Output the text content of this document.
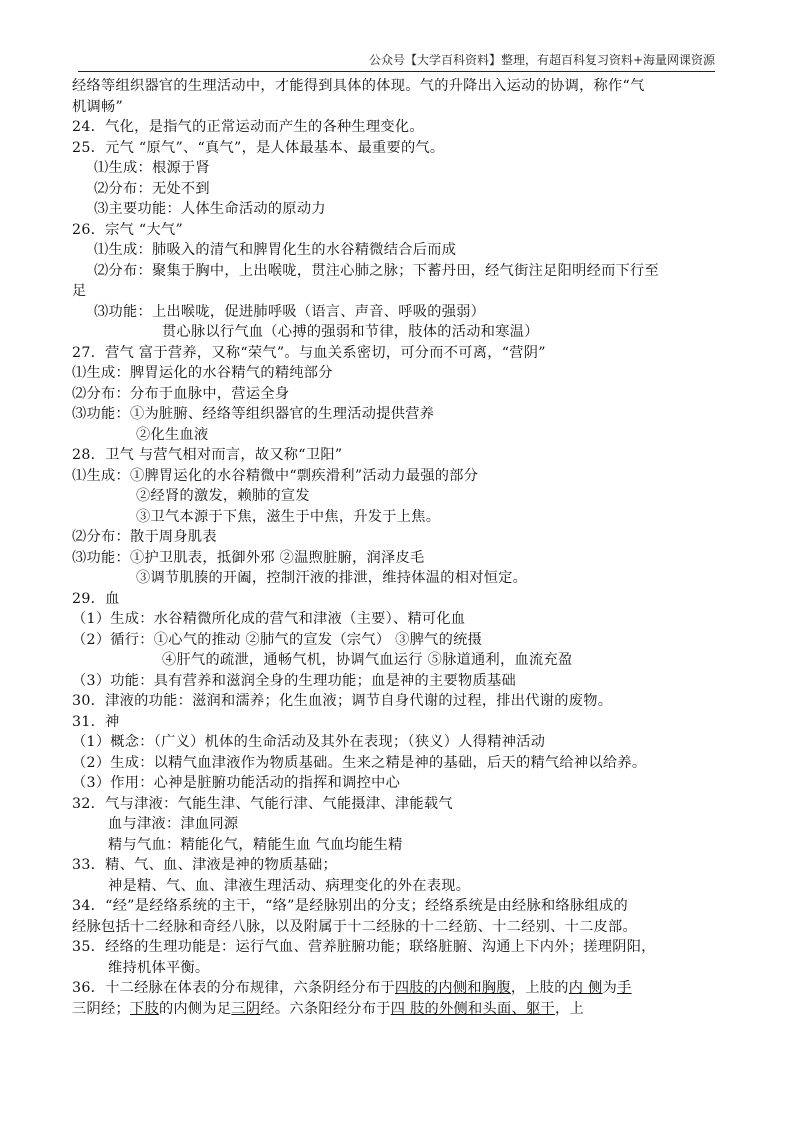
公众号【大学百科资料】整理，有超百科复习资料+海量网课资源
经络等组织器官的生理活动中，才能得到具体的体现。气的升降出入运动的协调，称作“气
机调畅”
24．气化，是指气的正常运动而产生的各种生理变化。
25．元气 “原气”、“真气”，是人体最基本、最重要的气。
⑴生成：根源于肾
⑵分布：无处不到
⑶主要功能：人体生命活动的原动力
26．宗气 “大气”
⑴生成：肺吸入的清气和脾胃化生的水谷精微结合后而成
⑵分布：聚集于胸中，上出喉咙，贯注心肺之脉；下蓄丹田，经气街注足阳明经而下行至
足
⑶功能：上出喉咙，促进肺呼吸（语言、声音、呼吸的强弱）
贯心脉以行气血（心搏的强弱和节律，肢体的活动和寒温）
27．营气 富于营养，又称“荣气”。与血关系密切，可分而不可离，“营阴”
⑴生成：脾胃运化的水谷精气的精纯部分
⑵分布：分布于血脉中，营运全身
⑶功能：①为脏腑、经络等组织器官的生理活动提供营养
②化生血液
28．卫气 与营气相对而言，故又称“卫阳”
⑴生成：①脾胃运化的水谷精微中“剽疾滑利”活动力最强的部分
②经肾的激发，赖肺的宣发
③卫气本源于下焦，滋生于中焦，升发于上焦。
⑵分布：散于周身肌表
⑶功能：①护卫肌表，抵御外邪 ②温煦脏腑，润泽皮毛
③调节肌腠的开阖，控制汗液的排泄，维持体温的相对恒定。
29．血
（1）生成：水谷精微所化成的营气和津液（主要）、精可化血
（2）循行：①心气的推动 ②肺气的宣发（宗气） ③脾气的统摄
④肝气的疏泄，通畅气机，协调气血运行 ⑤脉道通利，血流充盈
（3）功能：具有营养和滋润全身的生理功能；血是神的主要物质基础
30．津液的功能：滋润和濡养；化生血液；调节自身代谢的过程，排出代谢的废物。
31．神
（1）概念：（广义）机体的生命活动及其外在表现；（狭义）人得精神活动
（2）生成：以精气血津液作为物质基础。生来之精是神的基础，后天的精气给神以给养。
（3）作用：心神是脏腑功能活动的指挥和调控中心
32．气与津液：气能生津、气能行津、气能摄津、津能载气
血与津液：津血同源
精与气血：精能化气，精能生血 气血均能生精
33．精、气、血、津液是神的物质基础；
神是精、气、血、津液生理活动、病理变化的外在表现。
34．“经”是经络系统的主干，“络”是经脉别出的分支；经络系统是由经脉和络脉组成的
经脉包括十二经脉和奇经八脉，以及附属于十二经脉的十二经筋、十二经别、十二皮部。
35．经络的生理功能是：运行气血、营养脏腑功能；联络脏腑、沟通上下内外；搓理阴阳，
维持机体平衡。
36．十二经脉在体表的分布规律，六条阴经分布于四肢的内侧和胸腹，上肢的内 侧为手
三阴经；下肢的内侧为足三阴经。六条阳经分布于四 肢的外侧和头面、躯干，上
